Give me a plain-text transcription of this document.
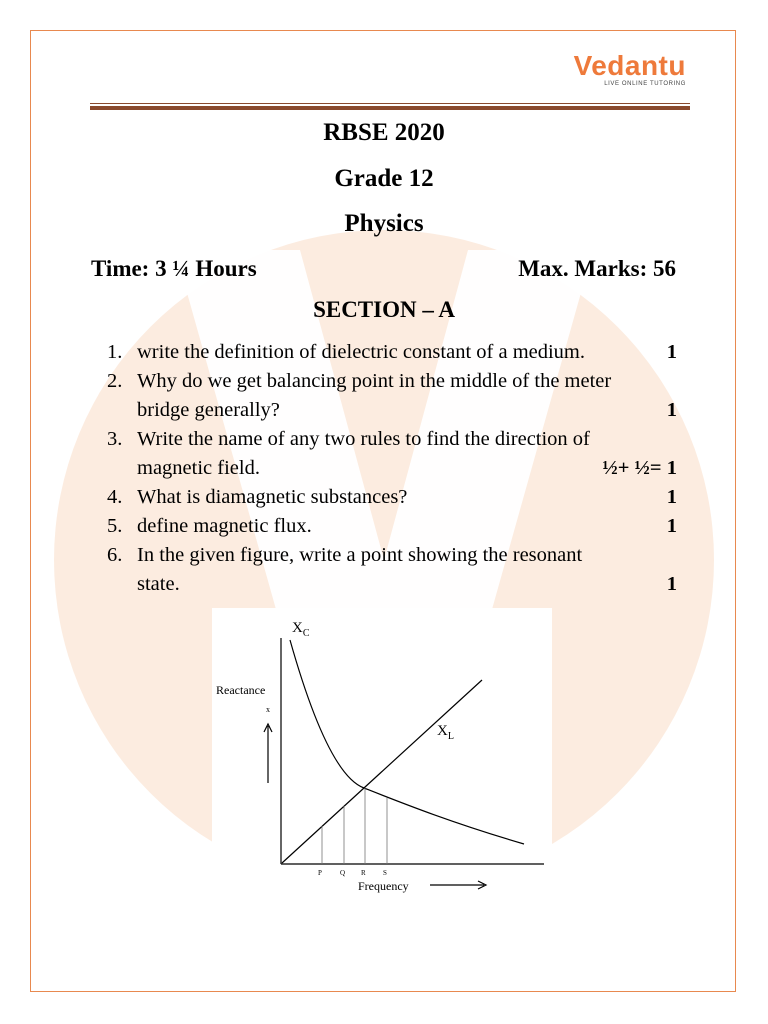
Vedantu
LIVE ONLINE TUTORING
RBSE 2020
Grade 12
Physics
Time: 3 ¼ Hours	Max. Marks: 56
SECTION – A
1. write the definition of dielectric constant of a medium.	1
2. Why do we get balancing point in the middle of the meter
bridge generally?	1
3. Write the name of any two rules to find the direction of
magnetic field.	½+ ½= 1
4. What is diamagnetic substances?	1
5. define magnetic flux.	1
6. In the given figure, write a point showing the resonant
state.	1
$X_C$
$X_L$
Reactance
x
P	Q R S
Frequency
